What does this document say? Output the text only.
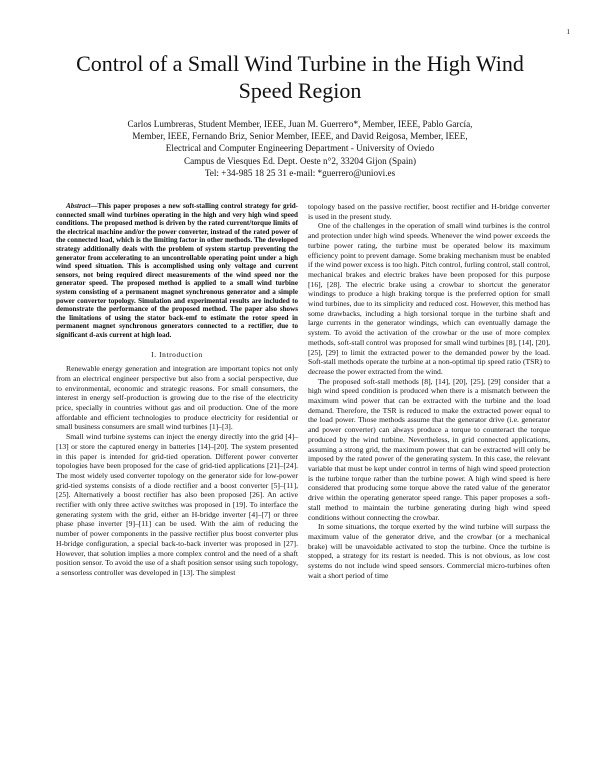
1
Control of a Small Wind Turbine in the High Wind Speed Region
Carlos Lumbreras, Student Member, IEEE, Juan M. Guerrero*, Member, IEEE, Pablo García,
Member, IEEE, Fernando Briz, Senior Member, IEEE, and David Reigosa, Member, IEEE,
Electrical and Computer Engineering Department - University of Oviedo
Campus de Viesques Ed. Dept. Oeste n°2, 33204 Gijon (Spain)
Tel: +34-985 18 25 31 e-mail: *guerrero@uniovi.es

Abstract—This paper proposes a new soft-stalling control strategy for grid-connected small wind turbines operating in the high and very high wind speed conditions. The proposed method is driven by the rated current/torque limits of the electrical machine and/or the power converter, instead of the rated power of the connected load, which is the limiting factor in other methods. The developed strategy additionally deals with the problem of system startup preventing the generator from accelerating to an uncontrollable operating point under a high wind speed situation. This is accomplished using only voltage and current sensors, not being required direct measurements of the wind speed nor the generator speed. The proposed method is applied to a small wind turbine system consisting of a permanent magnet synchronous generator and a simple power converter topology. Simulation and experimental results are included to demonstrate the performance of the proposed method. The paper also shows the limitations of using the stator back-emf to estimate the rotor speed in permanent magnet synchronous generators connected to a rectifier, due to significant d-axis current at high load.

I. Introduction

Renewable energy generation and integration are important topics not only from an electrical engineer perspective but also from a social perspective, due to environmental, economic and strategic reasons. For small consumers, the interest in energy self-production is growing due to the rise of the electricity price, specially in countries without gas and oil production. One of the more affordable and efficient technologies to produce electricity for residential or small business consumers are small wind turbines [1]–[3].

Small wind turbine systems can inject the energy directly into the grid [4]–[13] or store the captured energy in batteries [14]–[20]. The system presented in this paper is intended for grid-tied operation. Different power converter topologies have been proposed for the case of grid-tied applications [21]–[24]. The most widely used converter topology on the generator side for low-power grid-tied systems consists of a diode rectifier and a boost converter [5]–[11], [25]. Alternatively a boost rectifier has also been proposed [26]. An active rectifier with only three active switches was proposed in [19]. To interface the generating system with the grid, either an H-bridge inverter [4]–[7] or three phase phase inverter [9]–[11] can be used. With the aim of reducing the number of power components in the passive rectifier plus boost converter plus H-bridge configuration, a special back-to-back inverter was proposed in [27]. However, that solution implies a more complex control and the need of a shaft position sensor. To avoid the use of a shaft position sensor using such topology, a sensorless controller was developed in [13]. The simplest

topology based on the passive rectifier, boost rectifier and H-bridge converter is used in the present study.

One of the challenges in the operation of small wind turbines is the control and protection under high wind speeds. Whenever the wind power exceeds the turbine power rating, the turbine must be operated below its maximum efficiency point to prevent damage. Some braking mechanism must be enabled if the wind power excess is too high. Pitch control, furling control, stall control, mechanical brakes and electric brakes have been proposed for this purpose [16], [28]. The electric brake using a crowbar to shortcut the generator windings to produce a high braking torque is the preferred option for small wind turbines, due to its simplicity and reduced cost. However, this method has some drawbacks, including a high torsional torque in the turbine shaft and large currents in the generator windings, which can eventually damage the system. To avoid the activation of the crowbar or the use of more complex methods, soft-stall control was proposed for small wind turbines [8], [14], [20], [25], [29] to limit the extracted power to the demanded power by the load. Soft-stall methods operate the turbine at a non-optimal tip speed ratio (TSR) to decrease the power extracted from the wind.

The proposed soft-stall methods [8], [14], [20], [25], [29] consider that a high wind speed condition is produced when there is a mismatch between the maximum wind power that can be extracted with the turbine and the load demand. Therefore, the TSR is reduced to make the extracted power equal to the load power. Those methods assume that the generator drive (i.e. generator and power converter) can always produce a torque to counteract the torque produced by the wind turbine. Nevertheless, in grid connected applications, assuming a strong grid, the maximum power that can be extracted will only be imposed by the rated power of the generating system. In this case, the relevant variable that must be kept under control in terms of high wind speed protection is the turbine torque rather than the turbine power. A high wind speed is here considered that producing some torque above the rated value of the generator drive within the operating generator speed range. This paper proposes a soft-stall method to maintain the turbine generating during high wind speed conditions without connecting the crowbar.

In some situations, the torque exerted by the wind turbine will surpass the maximum value of the generator drive, and the crowbar (or a mechanical brake) will be unavoidable activated to stop the turbine. Once the turbine is stopped, a strategy for its restart is needed. This is not obvious, as low cost systems do not include wind speed sensors. Commercial micro-turbines often wait a short period of time
